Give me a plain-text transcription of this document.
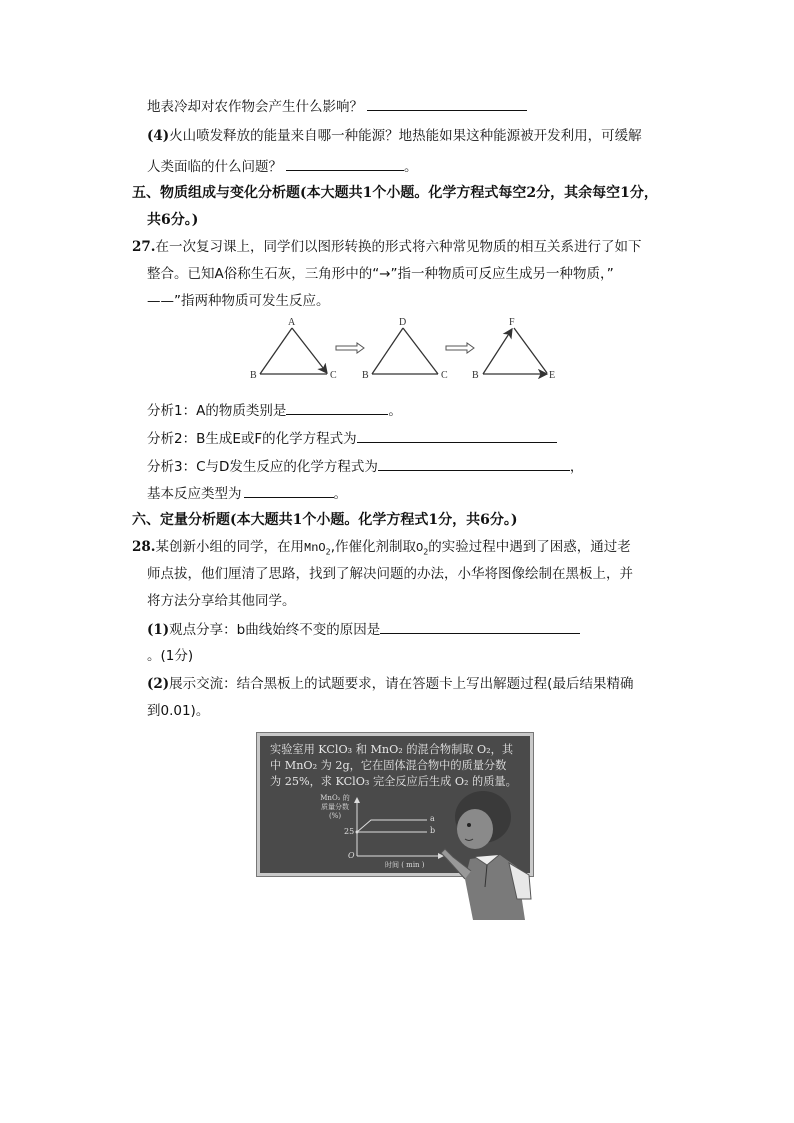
地表冷却对农作物会产生什么影响？
(4)火山喷发释放的能量来自哪一种能源？地热能如果这种能源被开发利用，可缓解
人类面临的什么问题？	。
五、物质组成与变化分析题(本大题共1个小题。化学方程式每空2分，其余每空1分，
共6分。)
27.在一次复习课上，同学们以图形转换的形式将六种常见物质的相互关系进行了如下
整合。已知A俗称生石灰，三角形中的“→”指一种物质可反应生成另一种物质，”
——”指两种物质可发生反应。
A
B	C
D
B	C
F
B	E
分析1：A的物质类别是	。
分析2：B生成E或F的化学方程式为
分析3：C与D发生反应的化学方程式为	，
基本反应类型为	。
六、定量分析题(本大题共1个小题。化学方程式1分，共6分。)
28.某创新小组的同学，在用MnO$_2$,作催化剂制取$O_2$的实验过程中遇到了困惑，通过老
师点拔，他们厘清了思路，找到了解决问题的办法，小华将图像绘制在黑板上，并
将方法分享给其他同学。
(1)观点分享：b曲线始终不变的原因是
。(1分)
(2)展示交流：结合黑板上的试题要求，请在答题卡上写出解题过程(最后结果精确
到0.01)。
实验室用 KClO₃ 和 MnO₂ 的混合物制取 O₂，其
中 MnO₂ 为 2g，它在固体混合物中的质量分数
为 25%，求 KClO₃ 完全反应后生成 O₂ 的质量。
MnO₂ 的
质量分数
(%)
25
O
a
b
时间 ( min )
